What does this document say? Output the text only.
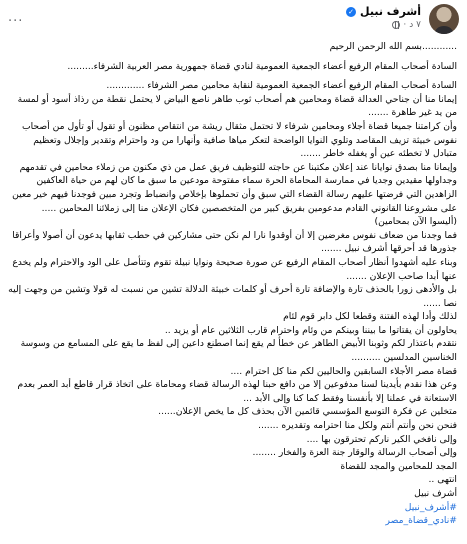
أشرف نبيل
✓
٧ د
·
...

............بسم الله الرحمن الرحيم

السادة أصحاب المقام الرفيع أعضاء الجمعية العمومية لنادي قضاة جمهورية مصر العربية الشرفاء.........

السادة أصحاب المقام الرفيع أعضاء الجمعية العمومية لنقابة محامين مصر الشرفاء .............

إيمانا منا أن جناحي العدالة قضاة ومحامين هم أصحاب ثوب طاهر ناصع البياض لا يحتمل نقطة من رذاذ أسود أو لمسة من يد غير طاهرة .......

وأن كرامتنا جميعا قضاة أجلاء ومحامين شرفاء لا تحتمل مثقال ريشة من انتقاص مظنون أو تقول أو تأول من أصحاب نفوس خبيثة تزيف المقاصد وتلوي النوايا الواضحة لتعكر مياها صافية وأنهارا من ود واحترام وتقدير وإجلال وتعظيم متبادل لا تخطئه عين أو يغفله خاطر .......

وإيمانا منا بصدق نوايانا عند إعلان مكتبنا عن حاجته للتوظيف فريق عمل من ذي مكنون من زملاء محامين في تقدمهم وجداولها مقيدين وجديا في ممارسة المحاماة الحرة سماء مفتوحة مودعين ما سبق ما كان لهم من حياة العاكفين الزاهدين التي فرضتها عليهم رسالة القضاء التي سبق وأن تحملوها بإخلاص وانضباط وتجرد مبين فوجدنا فيهم خير معين على مشروعنا القانوني القادم مدعومين بفريق كبير من المتخصصين فكان الإعلان منا إلى زملائنا المحامين .....

(أليسوا الآن بمحامين)

فما وجدنا من ضعاف نفوس مغرضين إلا أن أوقدوا نارا لم نكن حتى مشاركين في حطب ثقابها يدعون أن أصولا وأعراقا جذورها قد أحرقها أشرف نبيل .......

وبناء عليه أشهدوا أنظار أصحاب المقام الرفيع عن صورة صحيحة ونوايا نبيلة تقوم وتتأصل على الود والاحترام ولم يخدع عنها أبدا صاحب الإعلان .......

بل والأدهى زورا بالحذف تارة والإضافة تارة أحرف أو كلمات خبيثة الدلالة تشين من نسبت له قولا وتشين من وجهت إليه نصا ......

لذلك وأدا لهذه الفتنة وقطعا لكل دابر قوم لئام

يحاولون أن يقتاتوا ما بيننا وبينكم من وئام واحترام قارب الثلاثين عام أو يزيد ..

نتقدم باعتذار لكم وثوبنا الأبيض الطاهر عن خطأ لم يقع إنما اصطنع داعين إلى لفظ ما يقع على المسامع من وسوسة الخناسين المدلسين ..........

قضاة مصر الأجلاء السابقين والحاليين لكم منا كل احترام ....

وعن هذا نقدم بأيدينا لسنا مدفوعين إلا من دافع حبنا لهذه الرسالة قضاء ومحاماة على اتخاذ قرار قاطع أبد العمر بعدم الاستعانة في عملنا إلا بأنفسنا وفقط كما كنا وإلى الأبد ...

متخلين عن فكرة التوسع المؤسسي قائمين الآن بحذف كل ما يخص الإعلان......

فنحن نحن وأنتم أنتم ولكل منا احترامه وتقديره .......

وإلى نافخي الكير ناركم تحترقون بها ....

وإلى أصحاب الرسالة والوقار جنة العزة والفخار ........

المجد للمحامين والمجد للقضاة

انتهى ..

أشرف نبيل

#أشرف_نبيل

#نادي_قضاة_مصر
